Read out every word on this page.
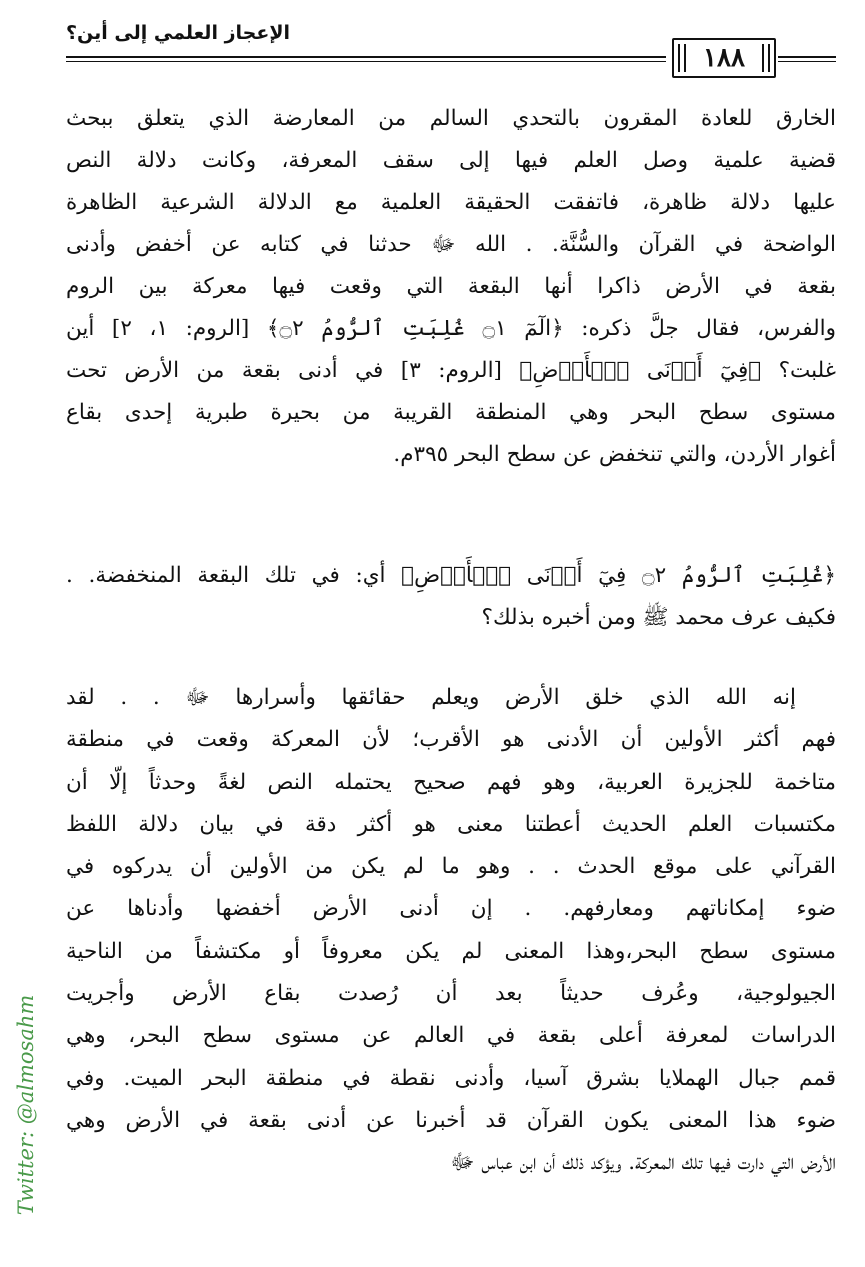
الإعجاز العلمي إلى أين؟
١٨٨
الخارق للعادة المقرون بالتحدي السالم من المعارضة الذي يتعلق ببحث
قضية علمية وصل العلم فيها إلى سقف المعرفة، وكانت دلالة النص
عليها دلالة ظاهرة، فاتفقت الحقيقة العلمية مع الدلالة الشرعية الظاهرة
الواضحة في القرآن والسُّنَّة. . الله ﷻ حدثنا في كتابه عن أخفض وأدنى
بقعة في الأرض ذاكرا أنها البقعة التي وقعت فيها معركة بين الروم
والفرس، فقال جلَّ ذكره: ﴿الٓمٓ ۝١ غُلِبَتِ ٱلرُّومُ ۝٢﴾ [الروم: ١، ٢] أين
غلبت؟ ﴿فِيٓ أَدۡنَى ٱلۡأَرۡضِ﴾ [الروم: ٣] في أدنى بقعة من الأرض تحت
مستوى سطح البحر وهي المنطقة القريبة من بحيرة طبرية إحدى بقاع
أغوار الأردن، والتي تنخفض عن سطح البحر ٣٩٥م.
﴿غُلِبَتِ ٱلرُّومُ ۝٢ فِيٓ أَدۡنَى ٱلۡأَرۡضِ﴾ أي: في تلك البقعة المنخفضة. .
فكيف عرف محمد ﷺ ومن أخبره بذلك؟
إنه الله الذي خلق الأرض ويعلم حقائقها وأسرارها ﷻ . . لقد
فهم أكثر الأولين أن الأدنى هو الأقرب؛ لأن المعركة وقعت في منطقة
متاخمة للجزيرة العربية، وهو فهم صحيح يحتمله النص لغةً وحدثاً إلّا أن
مكتسبات العلم الحديث أعطتنا معنى هو أكثر دقة في بيان دلالة اللفظ
القرآني على موقع الحدث . . وهو ما لم يكن من الأولين أن يدركوه في
ضوء إمكاناتهم ومعارفهم. . إن أدنى الأرض أخفضها وأدناها عن
مستوى سطح البحر،وهذا المعنى لم يكن معروفاً أو مكتشفاً من الناحية
الجيولوجية، وعُرف حديثاً بعد أن رُصدت بقاع الأرض وأجريت
الدراسات لمعرفة أعلى بقعة في العالم عن مستوى سطح البحر، وهي
قمم جبال الهملايا بشرق آسيا، وأدنى نقطة في منطقة البحر الميت. وفي
ضوء هذا المعنى يكون القرآن قد أخبرنا عن أدنى بقعة في الأرض وهي
الأرض التي دارت فيها تلك المعركة. ويؤكد ذلك أن ابن عباس ﷻ
Twitter: @almosahm
